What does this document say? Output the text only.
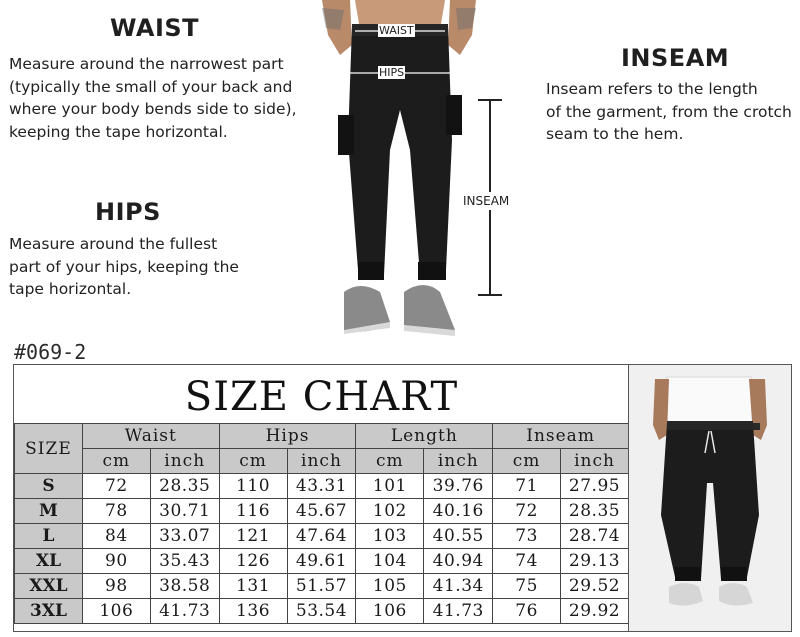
WAIST

Measure around the narrowest part
(typically the small of your back and
where your body bends side to side),
keeping the tape horizontal.

HIPS

Measure around the fullest
part of your hips, keeping the
tape horizontal.

INSEAM

Inseam refers to the length
of the garment, from the crotch
seam to the hem.

WAIST
HIPS
INSEAM
#069-2
SIZE CHART
SIZE	Waist		Hips		Length		Inseam	
	cm	inch	cm	inch	cm	inch	cm	inch
S	72	28.35	110	43.31	101	39.76	71	27.95
M	78	30.71	116	45.67	102	40.16	72	28.35
L	84	33.07	121	47.64	103	40.55	73	28.74
XL	90	35.43	126	49.61	104	40.94	74	29.13
XXL	98	38.58	131	51.57	105	41.34	75	29.52
3XL	106	41.73	136	53.54	106	41.73	76	29.92
